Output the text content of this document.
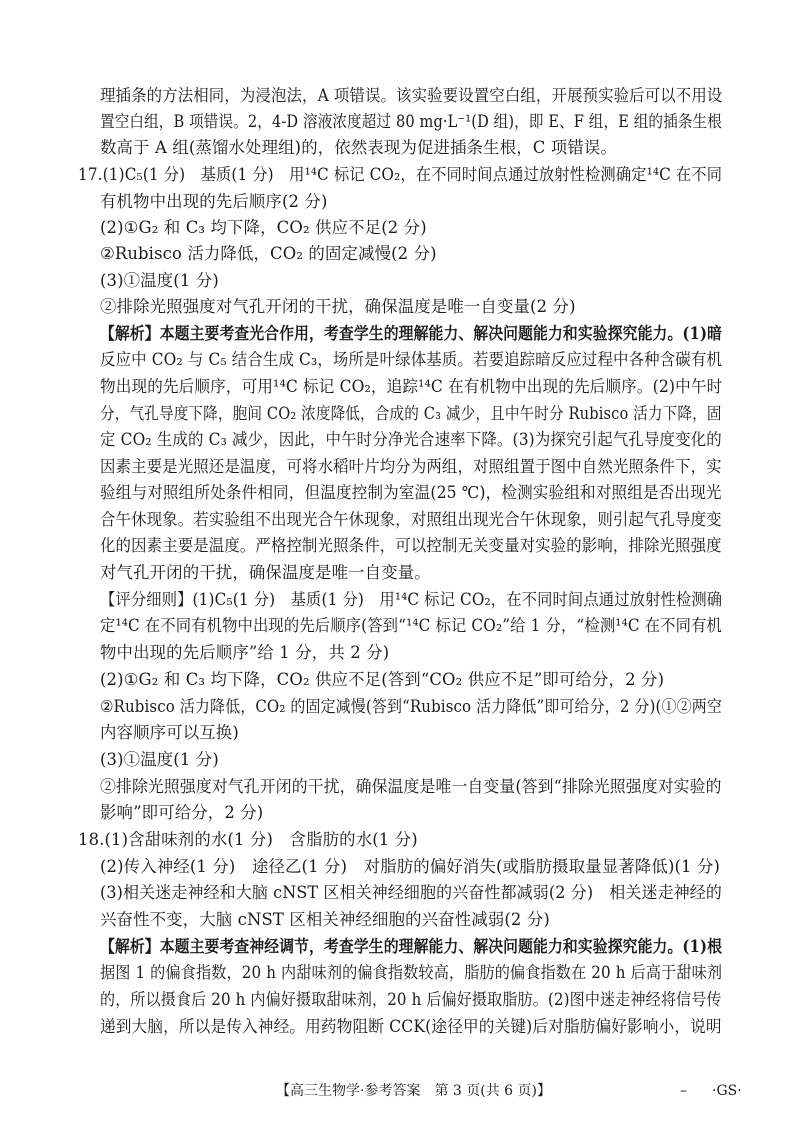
理插条的方法相同，为浸泡法，A 项错误。该实验要设置空白组，开展预实验后可以不用设
置空白组，B 项错误。2，4-D 溶液浓度超过 80 mg·L⁻¹(D 组)，即 E、F 组，E 组的插条生根
数高于 A 组(蒸馏水处理组)的，依然表现为促进插条生根，C 项错误。
17.(1)C₅(1 分)　基质(1 分)　用¹⁴C 标记 CO₂，在不同时间点通过放射性检测确定¹⁴C 在不同
有机物中出现的先后顺序(2 分)
(2)①G₂ 和 C₃ 均下降，CO₂ 供应不足(2 分)
②Rubisco 活力降低，CO₂ 的固定减慢(2 分)
(3)①温度(1 分)
②排除光照强度对气孔开闭的干扰，确保温度是唯一自变量(2 分)
【解析】本题主要考查光合作用，考查学生的理解能力、解决问题能力和实验探究能力。(1)暗
反应中 CO₂ 与 C₅ 结合生成 C₃，场所是叶绿体基质。若要追踪暗反应过程中各种含碳有机
物出现的先后顺序，可用¹⁴C 标记 CO₂，追踪¹⁴C 在有机物中出现的先后顺序。(2)中午时
分，气孔导度下降，胞间 CO₂ 浓度降低，合成的 C₃ 减少，且中午时分 Rubisco 活力下降，固
定 CO₂ 生成的 C₃ 减少，因此，中午时分净光合速率下降。(3)为探究引起气孔导度变化的
因素主要是光照还是温度，可将水稻叶片均分为两组，对照组置于图中自然光照条件下，实
验组与对照组所处条件相同，但温度控制为室温(25 ℃)，检测实验组和对照组是否出现光
合午休现象。若实验组不出现光合午休现象，对照组出现光合午休现象，则引起气孔导度变
化的因素主要是温度。严格控制光照条件，可以控制无关变量对实验的影响，排除光照强度
对气孔开闭的干扰，确保温度是唯一自变量。
【评分细则】(1)C₅(1 分)　基质(1 分)　用¹⁴C 标记 CO₂，在不同时间点通过放射性检测确
定¹⁴C 在不同有机物中出现的先后顺序(答到“¹⁴C 标记 CO₂”给 1 分，“检测¹⁴C 在不同有机
物中出现的先后顺序”给 1 分，共 2 分)
(2)①G₂ 和 C₃ 均下降，CO₂ 供应不足(答到“CO₂ 供应不足”即可给分，2 分)
②Rubisco 活力降低，CO₂ 的固定减慢(答到“Rubisco 活力降低”即可给分，2 分)(①②两空
内容顺序可以互换)
(3)①温度(1 分)
②排除光照强度对气孔开闭的干扰，确保温度是唯一自变量(答到“排除光照强度对实验的
影响”即可给分，2 分)
18.(1)含甜味剂的水(1 分)　含脂肪的水(1 分)
(2)传入神经(1 分)　途径乙(1 分)　对脂肪的偏好消失(或脂肪摄取量显著降低)(1 分)
(3)相关迷走神经和大脑 cNST 区相关神经细胞的兴奋性都减弱(2 分)　相关迷走神经的
兴奋性不变，大脑 cNST 区相关神经细胞的兴奋性减弱(2 分)
【解析】本题主要考查神经调节，考查学生的理解能力、解决问题能力和实验探究能力。(1)根
据图 1 的偏食指数，20 h 内甜味剂的偏食指数较高，脂肪的偏食指数在 20 h 后高于甜味剂
的，所以摄食后 20 h 内偏好摄取甜味剂，20 h 后偏好摄取脂肪。(2)图中迷走神经将信号传
递到大脑，所以是传入神经。用药物阻断 CCK(途径甲的关键)后对脂肪偏好影响小，说明
【高三生物学·参考答案　第 3 页(共 6 页)】	– ·GS·
